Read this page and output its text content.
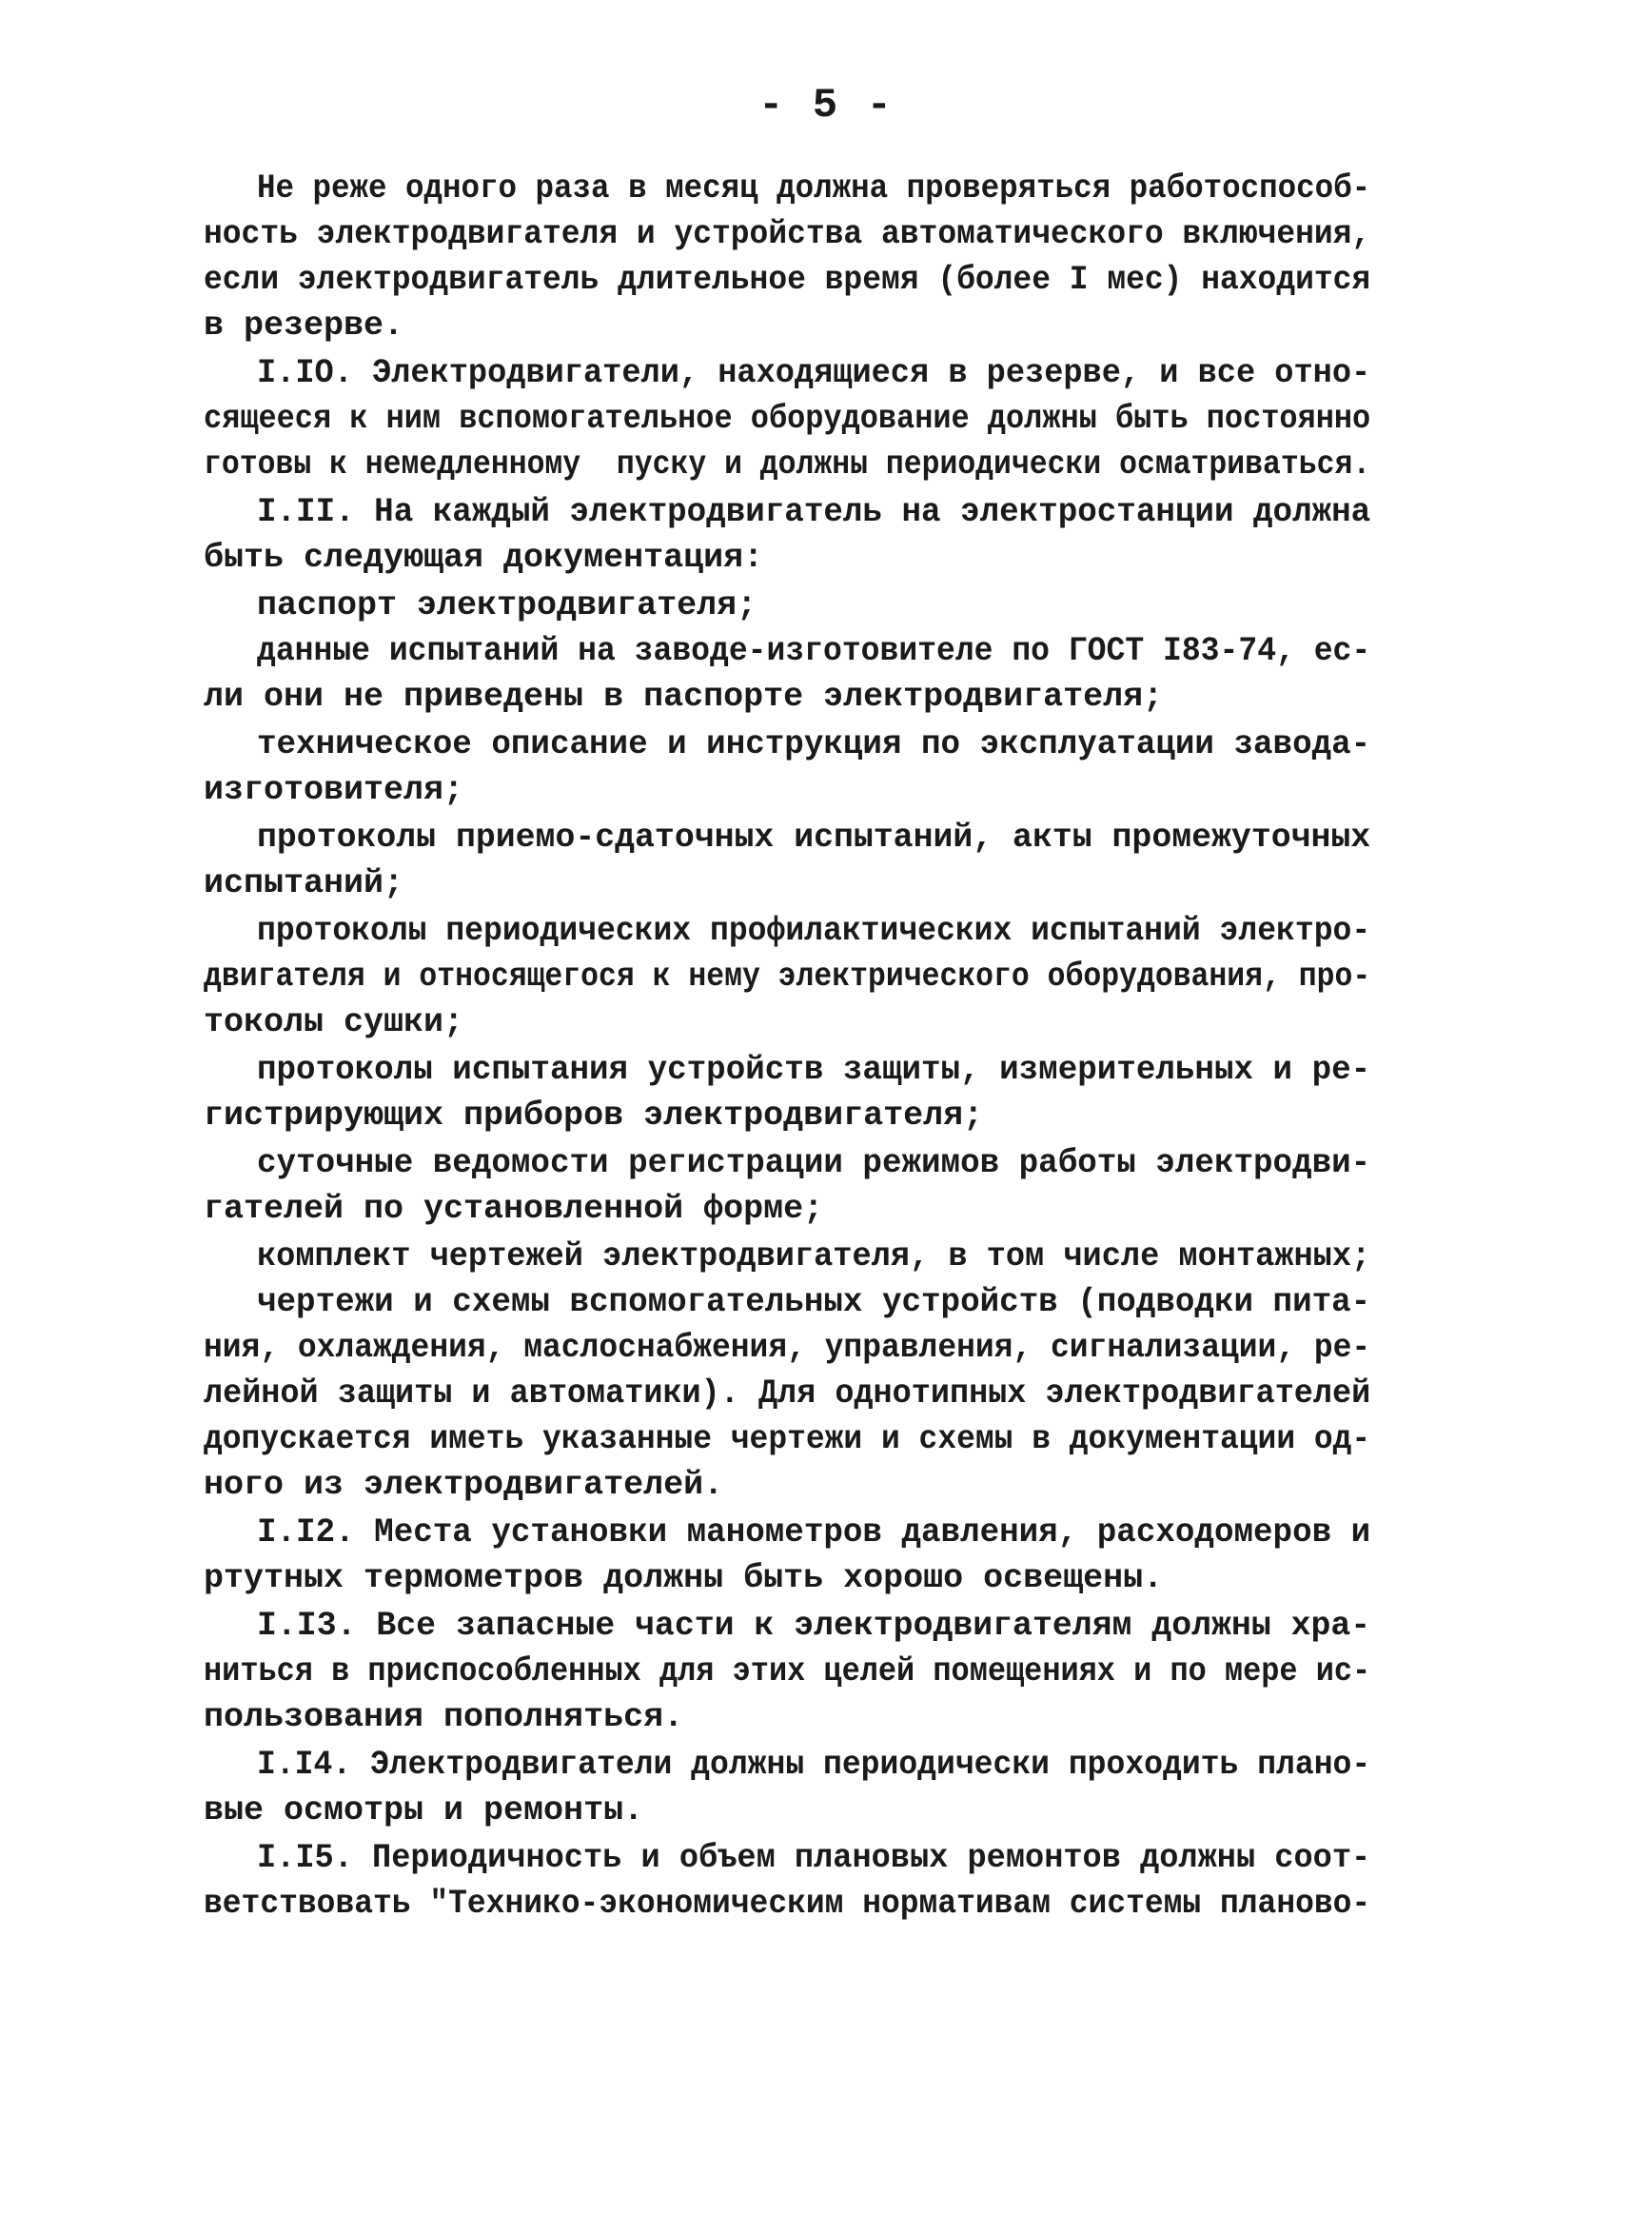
- 5 -
Не реже одного раза в месяц должна проверяться работоспособ-
ность электродвигателя и устройства автоматического включения,
если электродвигатель длительное время (более I мес) находится
в резерве.
I.IO. Электродвигатели, находящиеся в резерве, и все отно-
сящееся к ним вспомогательное оборудование должны быть постоянно
готовы к немедленному  пуску и должны периодически осматриваться.
I.II. На каждый электродвигатель на электростанции должна
быть следующая документация:
паспорт электродвигателя;
данные испытаний на заводе-изготовителе по ГОСТ I83-74, ес-
ли они не приведены в паспорте электродвигателя;
техническое описание и инструкция по эксплуатации завода-
изготовителя;
протоколы приемо-сдаточных испытаний, акты промежуточных
испытаний;
протоколы периодических профилактических испытаний электро-
двигателя и относящегося к нему электрического оборудования, про-
токолы сушки;
протоколы испытания устройств защиты, измерительных и ре-
гистрирующих приборов электродвигателя;
суточные ведомости регистрации режимов работы электродви-
гателей по установленной форме;
комплект чертежей электродвигателя, в том числе монтажных;
чертежи и схемы вспомогательных устройств (подводки пита-
ния, охлаждения, маслоснабжения, управления, сигнализации, ре-
лейной защиты и автоматики). Для однотипных электродвигателей
допускается иметь указанные чертежи и схемы в документации од-
ного из электродвигателей.
I.I2. Места установки манометров давления, расходомеров и
ртутных термометров должны быть хорошо освещены.
I.I3. Все запасные части к электродвигателям должны хра-
ниться в приспособленных для этих целей помещениях и по мере ис-
пользования пополняться.
I.I4. Электродвигатели должны периодически проходить плано-
вые осмотры и ремонты.
I.I5. Периодичность и объем плановых ремонтов должны соот-
ветствовать "Технико-экономическим нормативам системы планово-
